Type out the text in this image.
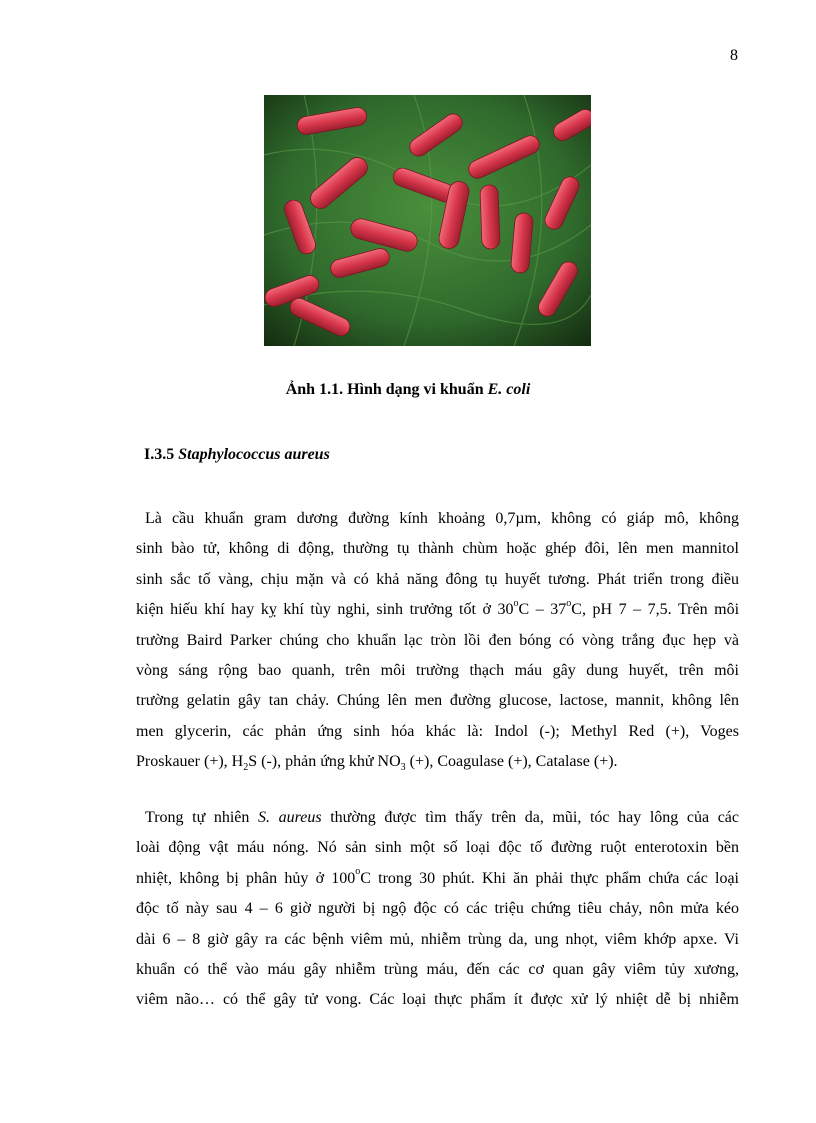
8
Ảnh 1.1. Hình dạng vi khuẩn E. coli
I.3.5 Staphylococcus aureus
Là cầu khuẩn gram dương đường kính khoảng 0,7µm, không có giáp mô, không
sinh bào tử, không di động, thường tụ thành chùm hoặc ghép đôi, lên men mannitol
sinh sắc tố vàng, chịu mặn và có khả năng đông tụ huyết tương. Phát triển trong điều
kiện hiếu khí hay kỵ khí tùy nghi, sinh trưởng tốt ở 30$^o$C – 37$^o$C, pH 7 – 7,5. Trên môi
trường Baird Parker chúng cho khuẩn lạc tròn lồi đen bóng có vòng trắng đục hẹp và
vòng sáng rộng bao quanh, trên môi trường thạch máu gây dung huyết, trên môi
trường gelatin gây tan chảy. Chúng lên men đường glucose, lactose, mannit, không lên
men glycerin, các phản ứng sinh hóa khác là: Indol (-); Methyl Red (+), Voges
Proskauer (+), $H_2S$ (-), phản ứng khử $NO_3$ (+), Coagulase (+), Catalase (+).
Trong tự nhiên S. aureus thường được tìm thấy trên da, mũi, tóc hay lông của các
loài động vật máu nóng. Nó sản sinh một số loại độc tố đường ruột enterotoxin bền
nhiệt, không bị phân hủy ở 100$^o$C trong 30 phút. Khi ăn phải thực phẩm chứa các loại
độc tố này sau 4 – 6 giờ người bị ngộ độc có các triệu chứng tiêu chảy, nôn mửa kéo
dài 6 – 8 giờ gây ra các bệnh viêm mủ, nhiễm trùng da, ung nhọt, viêm khớp apxe. Vi
khuẩn có thể vào máu gây nhiễm trùng máu, đến các cơ quan gây viêm tủy xương,
viêm não… có thể gây tử vong. Các loại thực phẩm ít được xử lý nhiệt dễ bị nhiễm
